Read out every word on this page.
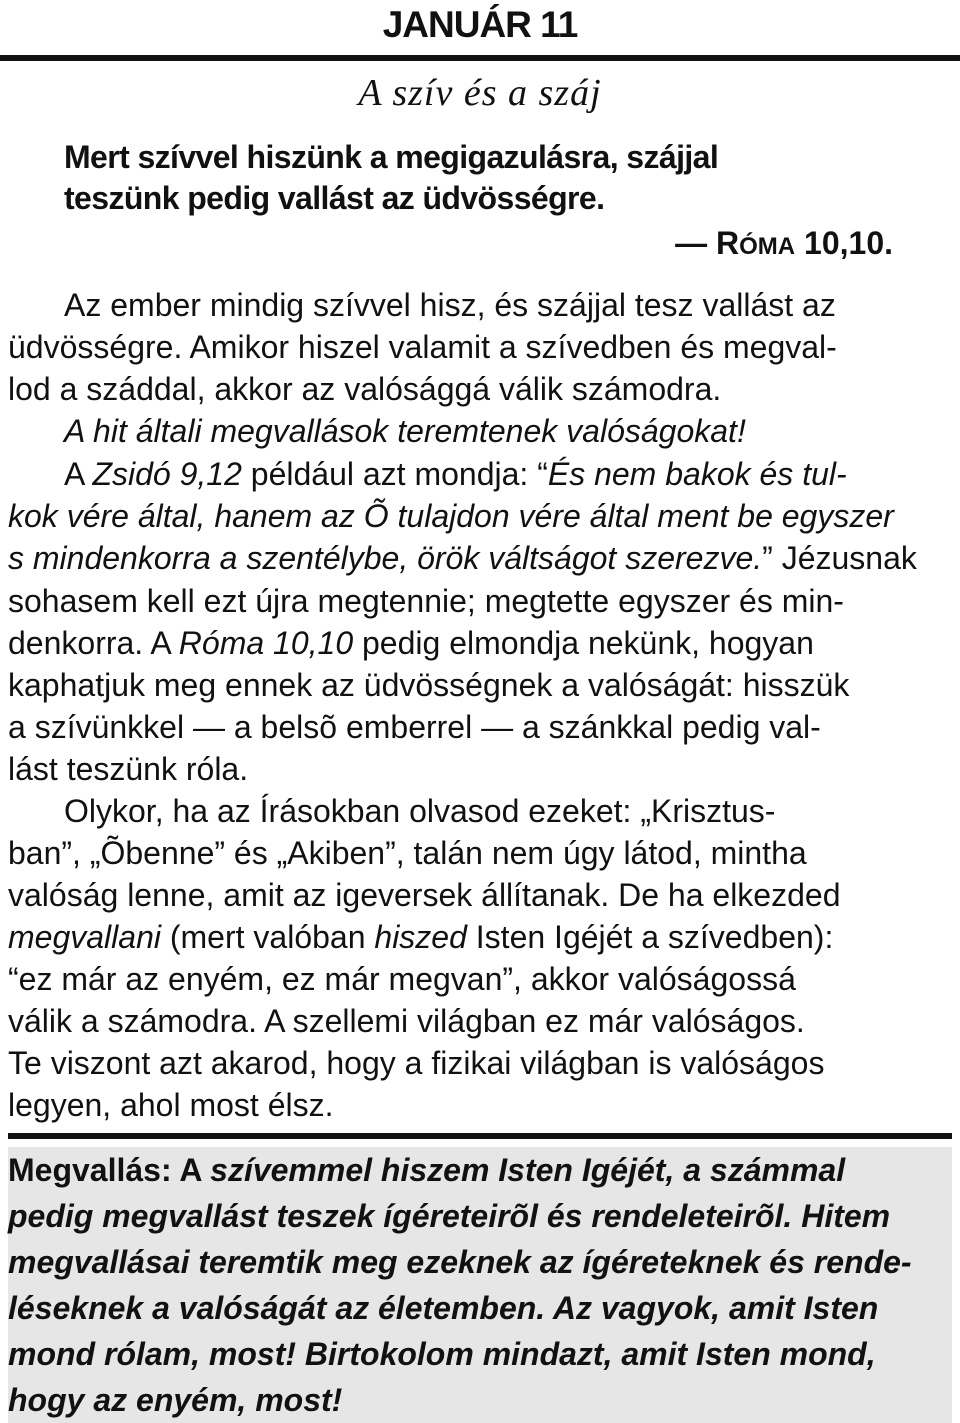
JANUÁR 11
A szív és a száj
Mert szívvel hiszünk a megigazulásra, szájjal
teszünk pedig vallást az üdvösségre.
— RÓMA 10,10.
Az ember mindig szívvel hisz, és szájjal tesz vallást az
üdvösségre. Amikor hiszel valamit a szívedben és megval-
lod a száddal, akkor az valósággá válik számodra.
A hit általi megvallások teremtenek valóságokat!
A Zsidó 9,12 például azt mondja: “És nem bakok és tul-
kok vére által, hanem az Õ tulajdon vére által ment be egyszer
s mindenkorra a szentélybe, örök váltságot szerezve.” Jézusnak
sohasem kell ezt újra megtennie; megtette egyszer és min-
denkorra. A Róma 10,10 pedig elmondja nekünk, hogyan
kaphatjuk meg ennek az üdvösségnek a valóságát: hisszük
a szívünkkel — a belsõ emberrel — a szánkkal pedig val-
lást teszünk róla.
Olykor, ha az Írásokban olvasod ezeket: „Krisztus-
ban”, „Õbenne” és „Akiben”, talán nem úgy látod, mintha
valóság lenne, amit az igeversek állítanak. De ha elkezded
megvallani (mert valóban hiszed Isten Igéjét a szívedben):
“ez már az enyém, ez már megvan”, akkor valóságossá
válik a számodra. A szellemi világban ez már valóságos.
Te viszont azt akarod, hogy a fizikai világban is valóságos
legyen, ahol most élsz.
Megvallás: A szívemmel hiszem Isten Igéjét, a számmal
pedig megvallást teszek ígéreteirõl és rendeleteirõl. Hitem
megvallásai teremtik meg ezeknek az ígéreteknek és rende-
léseknek a valóságát az életemben. Az vagyok, amit Isten
mond rólam, most! Birtokolom mindazt, amit Isten mond,
hogy az enyém, most!
